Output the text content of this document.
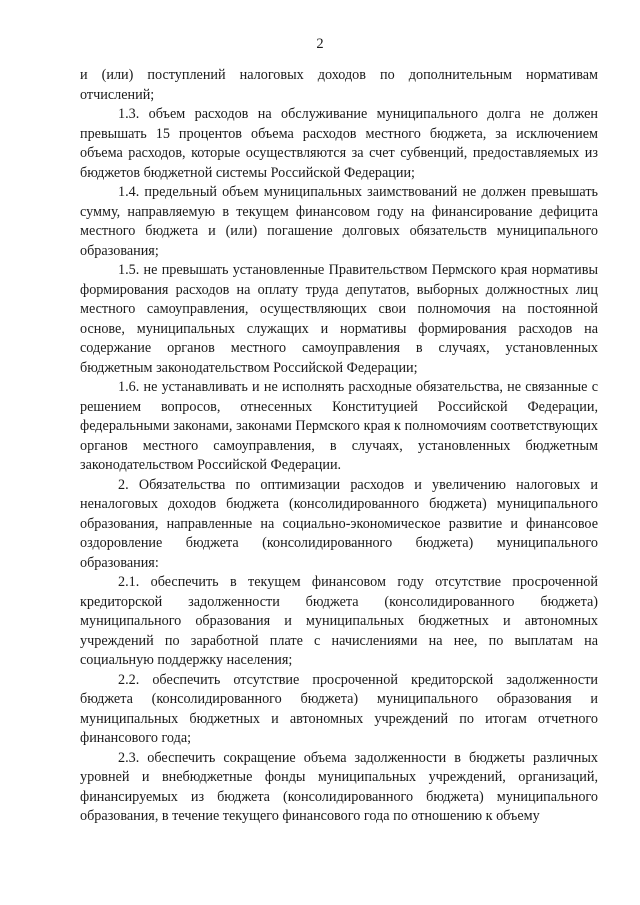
2

и (или) поступлений налоговых доходов по дополнительным нормативам отчислений;

1.3. объем расходов на обслуживание муниципального долга не должен превышать 15 процентов объема расходов местного бюджета, за исключением объема расходов, которые осуществляются за счет субвенций, предоставляемых из бюджетов бюджетной системы Российской Федерации;

1.4. предельный объем муниципальных заимствований не должен превышать сумму, направляемую в текущем финансовом году на финансирование дефицита местного бюджета и (или) погашение долговых обязательств муниципального образования;

1.5. не превышать установленные Правительством Пермского края нормативы формирования расходов на оплату труда депутатов, выборных должностных лиц местного самоуправления, осуществляющих свои полномочия на постоянной основе, муниципальных служащих и нормативы формирования расходов на содержание органов местного самоуправления в случаях, установленных бюджетным законодательством Российской Федерации;

1.6. не устанавливать и не исполнять расходные обязательства, не связанные с решением вопросов, отнесенных Конституцией Российской Федерации, федеральными законами, законами Пермского края к полномочиям соответствующих органов местного самоуправления, в случаях, установленных бюджетным законодательством Российской Федерации.

2. Обязательства по оптимизации расходов и увеличению налоговых и неналоговых доходов бюджета (консолидированного бюджета) муниципального образования, направленные на социально-экономическое развитие и финансовое оздоровление бюджета (консолидированного бюджета) муниципального образования:

2.1. обеспечить в текущем финансовом году отсутствие просроченной кредиторской задолженности бюджета (консолидированного бюджета) муниципального образования и муниципальных бюджетных и автономных учреждений по заработной плате с начислениями на нее, по выплатам на социальную поддержку населения;

2.2. обеспечить отсутствие просроченной кредиторской задолженности бюджета (консолидированного бюджета) муниципального образования и муниципальных бюджетных и автономных учреждений по итогам отчетного финансового года;

2.3. обеспечить сокращение объема задолженности в бюджеты различных уровней и внебюджетные фонды муниципальных учреждений, организаций, финансируемых из бюджета (консолидированного бюджета) муниципального образования, в течение текущего финансового года по отношению к объему
